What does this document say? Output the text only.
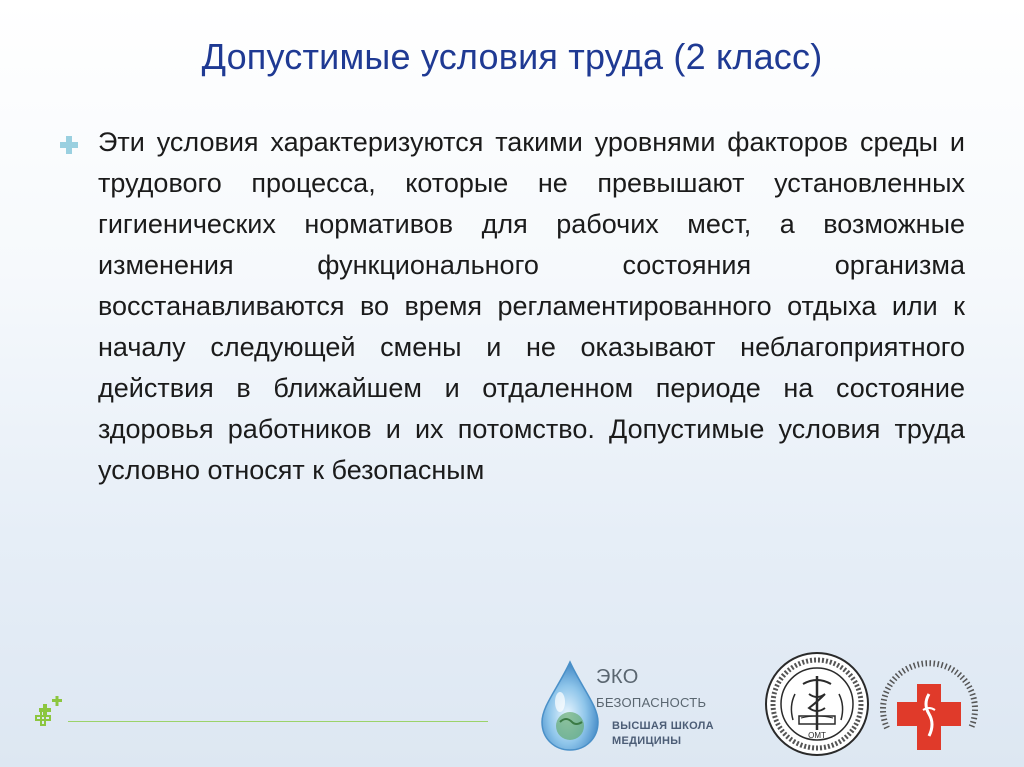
Допустимые условия труда (2 класс)

Эти условия характеризуются такими уровнями факторов среды и трудового процесса, которые не превышают установленных гигиенических нормативов для рабочих мест, а возможные изменения функционального состояния организма восстанавливаются во время регламентированного отдыха или к началу следующей смены и не оказывают неблагоприятного действия в ближайшем и отдаленном периоде на состояние здоровья работников и их потомство. Допустимые условия труда условно относят к безопасным

ЭКО
БЕЗОПАСНОСТЬ
ВЫСШАЯ ШКОЛА
МЕДИЦИНЫ	ОМТ
